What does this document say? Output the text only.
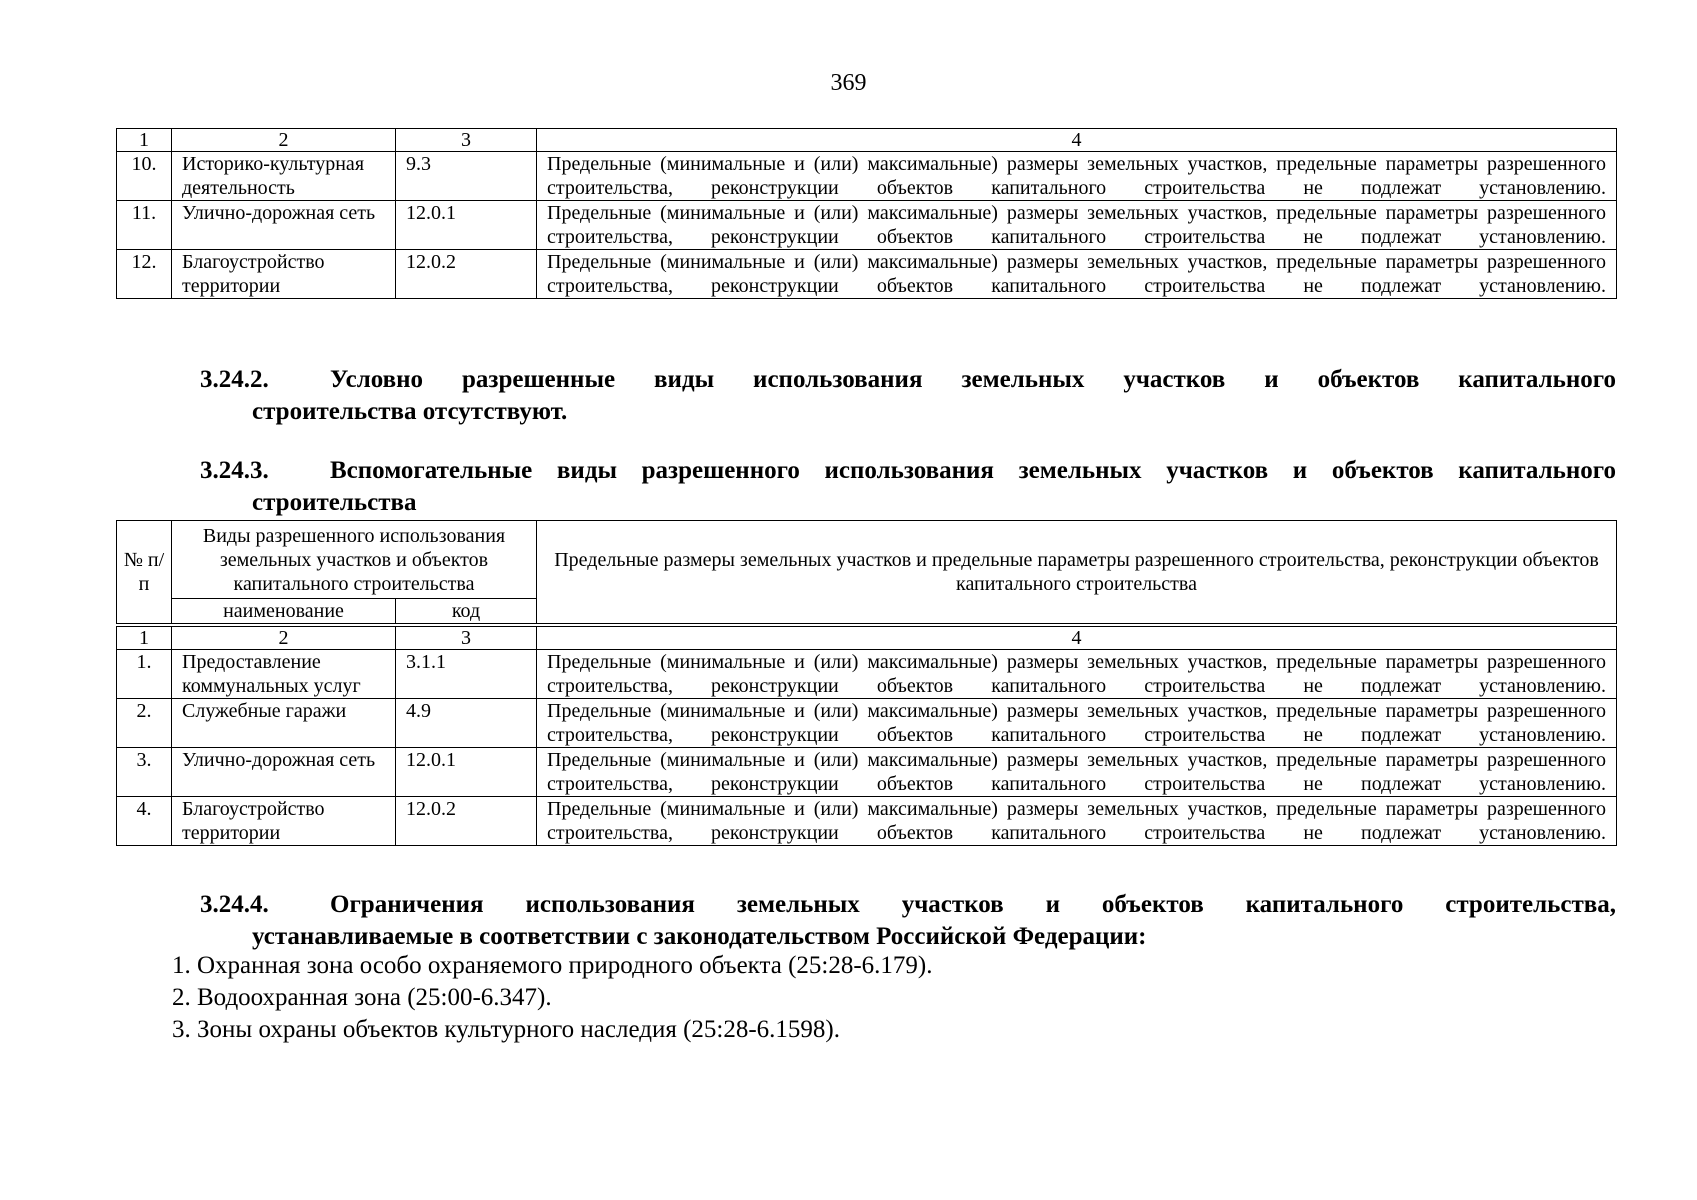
369
1	2	3	4
10.	Историко-культурная деятельность	9.3	Предельные (минимальные и (или) максимальные) размеры земельных участков, предельные параметры разрешенного строительства, реконструкции объектов капитального строительства не подлежат установлению.
11.	Улично-дорожная сеть	12.0.1	Предельные (минимальные и (или) максимальные) размеры земельных участков, предельные параметры разрешенного строительства, реконструкции объектов капитального строительства не подлежат установлению.
12.	Благоустройство территории	12.0.2	Предельные (минимальные и (или) максимальные) размеры земельных участков, предельные параметры разрешенного строительства, реконструкции объектов капитального строительства не подлежат установлению.
3.24.2.	Условно разрешенные виды использования земельных участков и объектов капитального
строительства отсутствуют.
3.24.3.	Вспомогательные виды разрешенного использования земельных участков и объектов капитального
строительства
№ п/п	Виды разрешенного использования земельных участков и объектов капитального строительства		Предельные размеры земельных участков и предельные параметры разрешенного строительства, реконструкции объектов капитального строительства
	наименование	код	
1	2	3	4
1.	Предоставление коммунальных услуг	3.1.1	Предельные (минимальные и (или) максимальные) размеры земельных участков, предельные параметры разрешенного строительства, реконструкции объектов капитального строительства не подлежат установлению.
2.	Служебные гаражи	4.9	Предельные (минимальные и (или) максимальные) размеры земельных участков, предельные параметры разрешенного строительства, реконструкции объектов капитального строительства не подлежат установлению.
3.	Улично-дорожная сеть	12.0.1	Предельные (минимальные и (или) максимальные) размеры земельных участков, предельные параметры разрешенного строительства, реконструкции объектов капитального строительства не подлежат установлению.
4.	Благоустройство территории	12.0.2	Предельные (минимальные и (или) максимальные) размеры земельных участков, предельные параметры разрешенного строительства, реконструкции объектов капитального строительства не подлежат установлению.
3.24.4.	Ограничения использования земельных участков и объектов капитального строительства,
устанавливаемые в соответствии с законодательством Российской Федерации:
1. Охранная зона особо охраняемого природного объекта (25:28-6.179).
2. Водоохранная зона (25:00-6.347).
3. Зоны охраны объектов культурного наследия (25:28-6.1598).
